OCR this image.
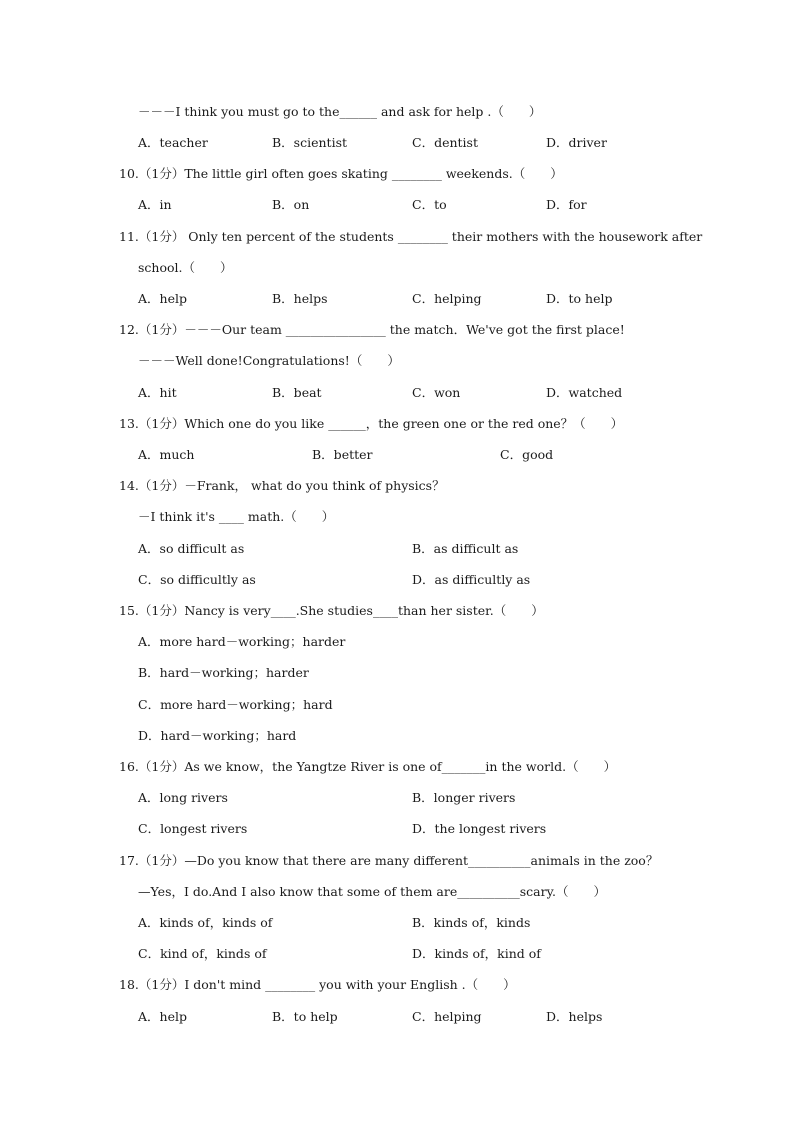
－－－I think you must go to the______ and ask for help .（　　）
A．teacher	B．scientist	C．dentist	D．driver
10.（1分）The little girl often goes skating ________ weekends.（　　）
A．in	B．on	C．to	D．for
11.（1分） Only ten percent of the students ________ their mothers with the housework after
school.（　　）
A．help	B．helps	C．helping	D．to help
12.（1分）－－－Our team ________________ the match．We've got the first place!
－－－Well done!Congratulations!（　　）
A．hit	B．beat	C．won	D．watched
13.（1分）Which one do you like ______，the green one or the red one？（　　）
A．much	B．better	C．good
14.（1分）－Frank， what do you think of physics？
－I think it's ____ math.（　　）
A．so difficult as	B．as difficult as
C．so difficultly as	D．as difficultly as
15.（1分）Nancy is very____.She studies____than her sister.（　　）
A．more hard－working；harder
B．hard－working；harder
C．more hard－working；hard
D．hard－working；hard
16.（1分）As we know，the Yangtze River is one of_______in the world.（　　）
A．long rivers	B．longer rivers
C．longest rivers	D．the longest rivers
17.（1分）—Do you know that there are many different__________animals in the zoo？
—Yes，I do.And I also know that some of them are__________scary.（　　）
A．kinds of，kinds of	B．kinds of，kinds
C．kind of，kinds of	D．kinds of，kind of
18.（1分）I don't mind ________ you with your English .（　　）
A．help	B．to help	C．helping	D．helps
